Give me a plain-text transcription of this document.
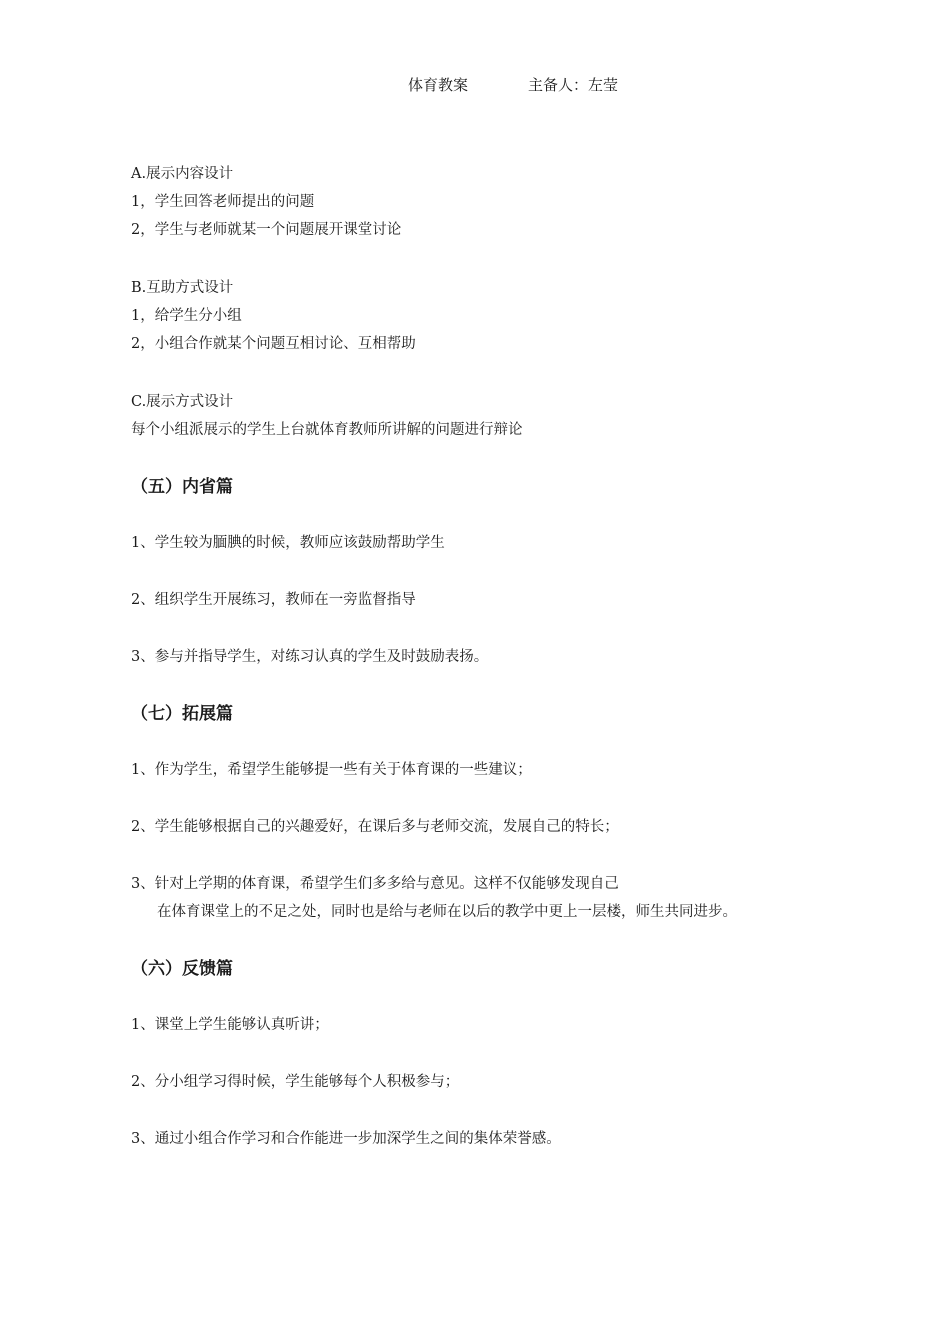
体育教案	主备人：左莹
A.展示内容设计
1，学生回答老师提出的问题
2，学生与老师就某一个问题展开课堂讨论
B.互助方式设计
1，给学生分小组
2，小组合作就某个问题互相讨论、互相帮助
C.展示方式设计
每个小组派展示的学生上台就体育教师所讲解的问题进行辩论
（五）内省篇
1、学生较为腼腆的时候，教师应该鼓励帮助学生
2、组织学生开展练习，教师在一旁监督指导
3、参与并指导学生，对练习认真的学生及时鼓励表扬。
（七）拓展篇
1、作为学生，希望学生能够提一些有关于体育课的一些建议；
2、学生能够根据自己的兴趣爱好，在课后多与老师交流，发展自己的特长；
3、针对上学期的体育课，希望学生们多多给与意见。这样不仅能够发现自己
在体育课堂上的不足之处，同时也是给与老师在以后的教学中更上一层楼，师生共同进步。
（六）反馈篇
1、课堂上学生能够认真听讲；
2、分小组学习得时候，学生能够每个人积极参与；
3、通过小组合作学习和合作能进一步加深学生之间的集体荣誉感。
